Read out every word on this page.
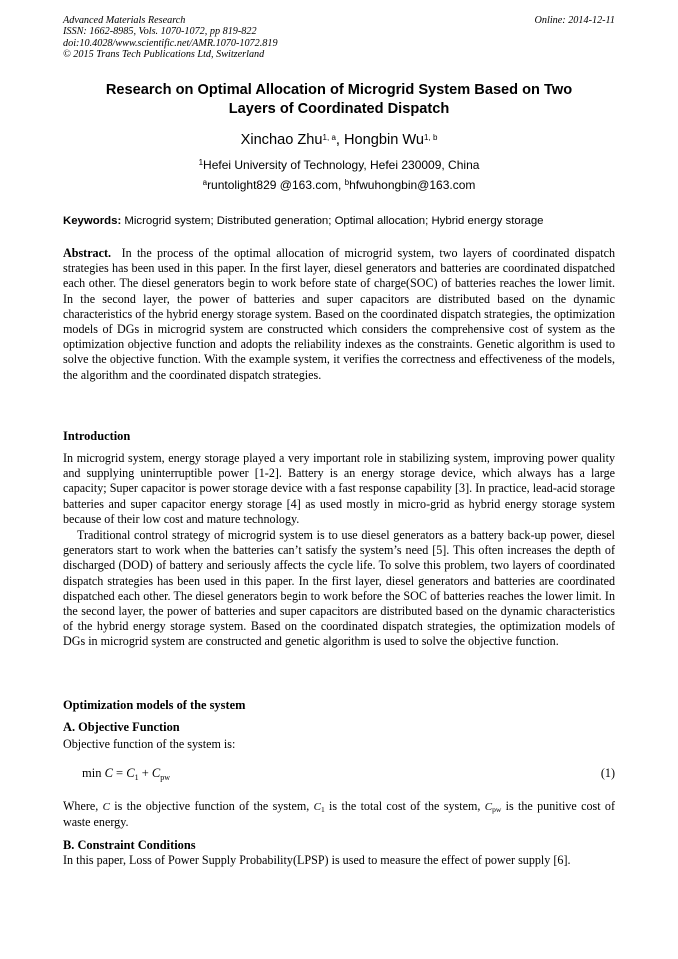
Advanced Materials Research
ISSN: 1662-8985, Vols. 1070-1072, pp 819-822
doi:10.4028/www.scientific.net/AMR.1070-1072.819
© 2015 Trans Tech Publications Ltd, Switzerland
Online: 2014-12-11
Research on Optimal Allocation of Microgrid System Based on Two
Layers of Coordinated Dispatch
Xinchao Zhu$^{1, a}$, Hongbin Wu$^{1, b}$
$^1$Hefei University of Technology, Hefei 230009, China
$^a$runtolight829 @163.com, $^b$hfwuhongbin@163.com
Keywords: Microgrid system; Distributed generation; Optimal allocation; Hybrid energy storage
Abstract.  In the process of the optimal allocation of microgrid system, two layers of coordinated dispatch strategies has been used in this paper. In the first layer, diesel generators and batteries are coordinated dispatched each other. The diesel generators begin to work before state of charge(SOC) of batteries reaches the lower limit. In the second layer, the power of batteries and super capacitors are distributed based on the dynamic characteristics of the hybrid energy storage system. Based on the coordinated dispatch strategies, the optimization models of DGs in microgrid system are constructed which considers the comprehensive cost of system as the optimization objective function and adopts the reliability indexes as the constraints. Genetic algorithm is used to solve the objective function. With the example system, it verifies the correctness and effectiveness of the models, the algorithm and the coordinated dispatch strategies.
Introduction
In microgrid system, energy storage played a very important role in stabilizing system, improving power quality and supplying uninterruptible power [1-2]. Battery is an energy storage device, which always has a large capacity; Super capacitor is power storage device with a fast response capability [3]. In practice, lead-acid storage batteries and super capacitor energy storage [4] as used mostly in micro-grid as hybrid energy storage system because of their low cost and mature technology.
Traditional control strategy of microgrid system is to use diesel generators as a battery back-up power, diesel generators start to work when the batteries can’t satisfy the system’s need [5]. This often increases the depth of discharged (DOD) of battery and seriously affects the cycle life. To solve this problem, two layers of coordinated dispatch strategies has been used in this paper. In the first layer, diesel generators and batteries are coordinated dispatched each other. The diesel generators begin to work before the SOC of batteries reaches the lower limit. In the second layer, the power of batteries and super capacitors are distributed based on the dynamic characteristics of the hybrid energy storage system. Based on the coordinated dispatch strategies, the optimization models of DGs in microgrid system are constructed and genetic algorithm is used to solve the objective function.
Optimization models of the system
A. Objective Function
Objective function of the system is:
$\min C = C_1 + C_{pw}$	(1)
Where, C is the objective function of the system, $C_1$ is the total cost of the system, $C_{pw}$ is the punitive cost of waste energy.
B. Constraint Conditions
In this paper, Loss of Power Supply Probability(LPSP) is used to measure the effect of power supply [6].
